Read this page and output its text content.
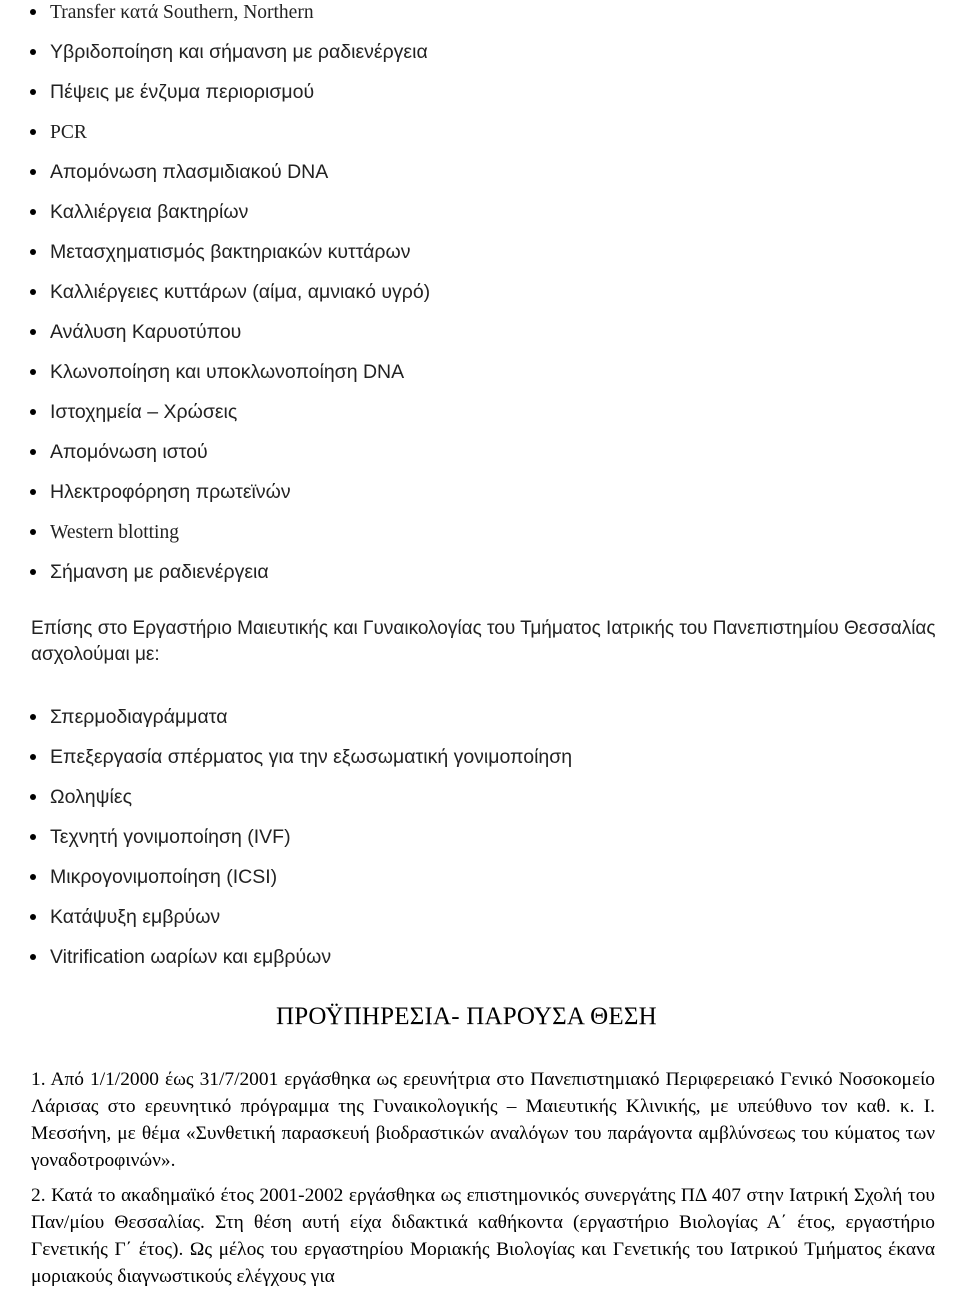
Transfer κατά Southern, Northern
Υβριδοποίηση και σήμανση με ραδιενέργεια
Πέψεις με ένζυμα περιορισμού
PCR
Απομόνωση πλασμιδιακού DNA
Καλλιέργεια βακτηρίων
Μετασχηματισμός βακτηριακών κυττάρων
Καλλιέργειες κυττάρων (αίμα, αμνιακό υγρό)
Ανάλυση Καρυοτύπου
Κλωνοποίηση και υποκλωνοποίηση DNA
Ιστοχημεία – Χρώσεις
Απομόνωση ιστού
Ηλεκτροφόρηση πρωτεϊνών
Western blotting
Σήμανση με ραδιενέργεια

Επίσης στο Εργαστήριο Μαιευτικής και Γυναικολογίας του Τμήματος Ιατρικής του Πανεπιστημίου Θεσσαλίας ασχολούμαι με:

Σπερμοδιαγράμματα
Επεξεργασία σπέρματος για την εξωσωματική γονιμοποίηση
Ωοληψίες
Τεχνητή γονιμοποίηση (IVF)
Μικρογονιμοποίηση (ICSI)
Κατάψυξη εμβρύων
Vitrification ωαρίων και εμβρύων
ΠΡΟΫΠΗΡΕΣΙΑ- ΠΑΡΟΥΣΑ ΘΕΣΗ

1. Από 1/1/2000 έως 31/7/2001 εργάσθηκα ως ερευνήτρια στο Πανεπιστημιακό Περιφερειακό Γενικό Νοσοκομείο Λάρισας στο ερευνητικό πρόγραμμα της Γυναικολογικής – Μαιευτικής Κλινικής, με υπεύθυνο τον καθ. κ. Ι. Μεσσήνη, με θέμα «Συνθετική παρασκευή βιοδραστικών αναλόγων του παράγοντα αμβλύνσεως του κύματος των γοναδοτροφινών».

2. Κατά το ακαδημαϊκό έτος 2001-2002 εργάσθηκα ως επιστημονικός συνεργάτης ΠΔ 407 στην Ιατρική Σχολή του Παν/μίου Θεσσαλίας. Στη θέση αυτή είχα διδακτικά καθήκοντα (εργαστήριο Βιολογίας Α΄ έτος, εργαστήριο Γενετικής Γ΄ έτος). Ως μέλος του εργαστηρίου Μοριακής Βιολογίας και Γενετικής του Ιατρικού Τμήματος έκανα μοριακούς διαγνωστικούς ελέγχους για
